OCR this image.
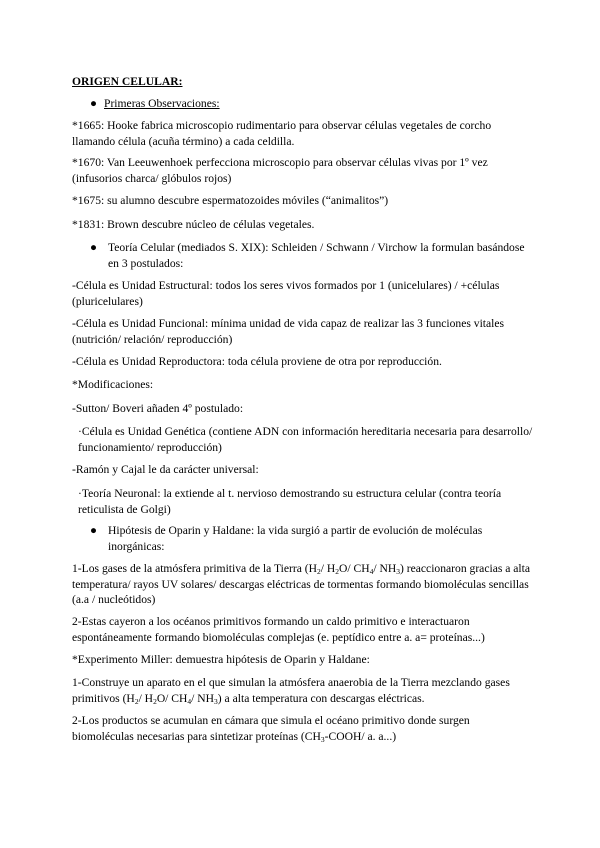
ORIGEN CELULAR:

● Primeras Observaciones:

*1665: Hooke fabrica microscopio rudimentario para observar células vegetales de corcho llamando célula (acuña término) a cada celdilla.

*1670: Van Leeuwenhoek perfecciona microscopio para observar células vivas por 1º vez (infusorios charca/ glóbulos rojos)

*1675: su alumno descubre espermatozoides móviles (“animalitos”)

*1831: Brown descubre núcleo de células vegetales.

● Teoría Celular (mediados S. XIX): Schleiden / Schwann / Virchow la formulan basándose en 3 postulados:

-Célula es Unidad Estructural: todos los seres vivos formados por 1 (unicelulares) / +células (pluricelulares)

-Célula es Unidad Funcional: mínima unidad de vida capaz de realizar las 3 funciones vitales (nutrición/ relación/ reproducción)

-Célula es Unidad Reproductora: toda célula proviene de otra por reproducción.

*Modificaciones:

-Sutton/ Boveri añaden 4º postulado:

·Célula es Unidad Genética (contiene ADN con información hereditaria necesaria para desarrollo/ funcionamiento/ reproducción)

-Ramón y Cajal le da carácter universal:

·Teoría Neuronal: la extiende al t. nervioso demostrando su estructura celular (contra teoría reticulista de Golgi)

● Hipótesis de Oparin y Haldane: la vida surgió a partir de evolución de moléculas inorgánicas:

1-Los gases de la atmósfera primitiva de la Tierra ($H_2/$ $H_2O/$ $CH_4/$ $NH_3$) reaccionaron gracias a alta temperatura/ rayos UV solares/ descargas eléctricas de tormentas formando biomoléculas sencillas (a.a / nucleótidos)

2-Estas cayeron a los océanos primitivos formando un caldo primitivo e interactuaron espontáneamente formando biomoléculas complejas (e. peptídico entre a. a= proteínas...)

*Experimento Miller: demuestra hipótesis de Oparin y Haldane:

1-Construye un aparato en el que simulan la atmósfera anaerobia de la Tierra mezclando gases primitivos ($H_2/$ $H_2O/$ $CH_4/$ $NH_3$) a alta temperatura con descargas eléctricas.

2-Los productos se acumulan en cámara que simula el océano primitivo donde surgen biomoléculas necesarias para sintetizar proteínas ($CH_3-COOH/$ a. a...)
